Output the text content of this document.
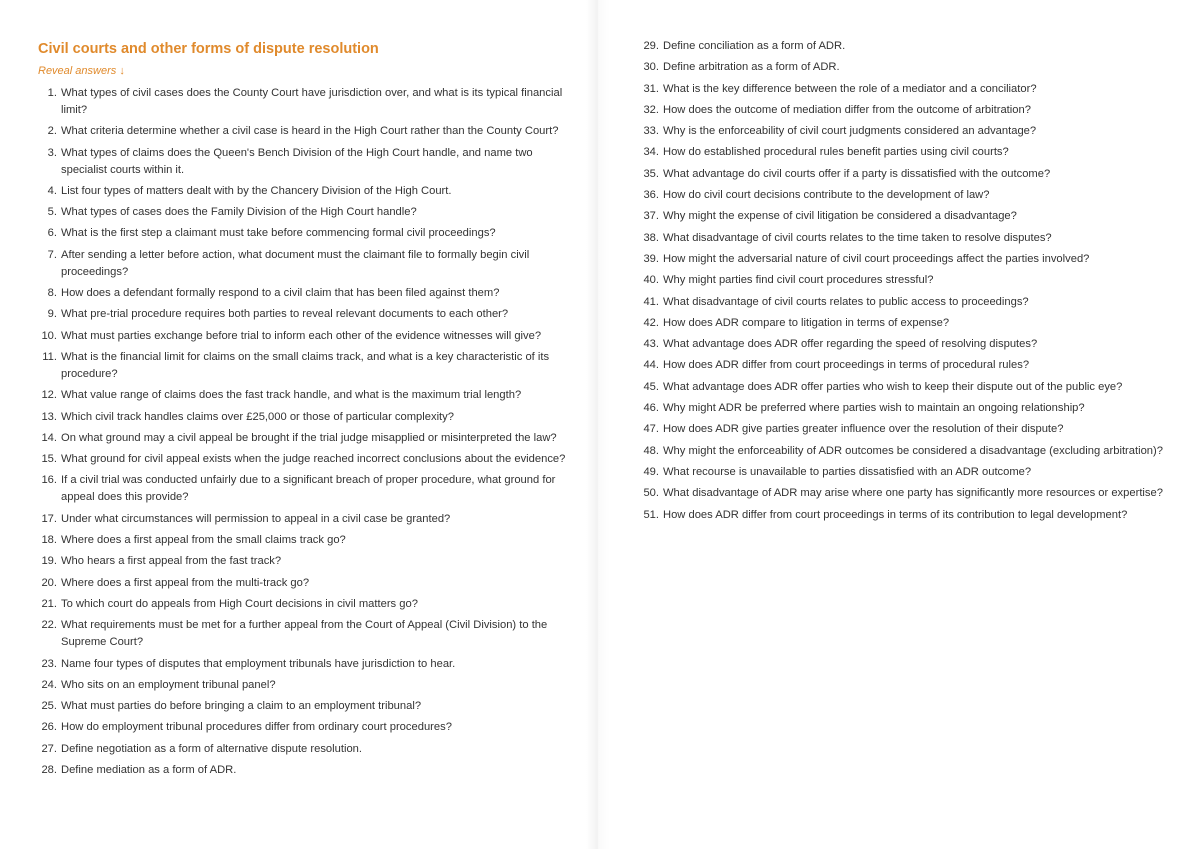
Civil courts and other forms of dispute resolution
Reveal answers ↓
1. What types of civil cases does the County Court have jurisdiction over, and what is its typical financial limit?
2. What criteria determine whether a civil case is heard in the High Court rather than the County Court?
3. What types of claims does the Queen's Bench Division of the High Court handle, and name two specialist courts within it.
4. List four types of matters dealt with by the Chancery Division of the High Court.
5. What types of cases does the Family Division of the High Court handle?
6. What is the first step a claimant must take before commencing formal civil proceedings?
7. After sending a letter before action, what document must the claimant file to formally begin civil proceedings?
8. How does a defendant formally respond to a civil claim that has been filed against them?
9. What pre-trial procedure requires both parties to reveal relevant documents to each other?
10. What must parties exchange before trial to inform each other of the evidence witnesses will give?
11. What is the financial limit for claims on the small claims track, and what is a key characteristic of its procedure?
12. What value range of claims does the fast track handle, and what is the maximum trial length?
13. Which civil track handles claims over £25,000 or those of particular complexity?
14. On what ground may a civil appeal be brought if the trial judge misapplied or misinterpreted the law?
15. What ground for civil appeal exists when the judge reached incorrect conclusions about the evidence?
16. If a civil trial was conducted unfairly due to a significant breach of proper procedure, what ground for appeal does this provide?
17. Under what circumstances will permission to appeal in a civil case be granted?
18. Where does a first appeal from the small claims track go?
19. Who hears a first appeal from the fast track?
20. Where does a first appeal from the multi-track go?
21. To which court do appeals from High Court decisions in civil matters go?
22. What requirements must be met for a further appeal from the Court of Appeal (Civil Division) to the Supreme Court?
23. Name four types of disputes that employment tribunals have jurisdiction to hear.
24. Who sits on an employment tribunal panel?
25. What must parties do before bringing a claim to an employment tribunal?
26. How do employment tribunal procedures differ from ordinary court procedures?
27. Define negotiation as a form of alternative dispute resolution.
28. Define mediation as a form of ADR.
29. Define conciliation as a form of ADR.
30. Define arbitration as a form of ADR.
31. What is the key difference between the role of a mediator and a conciliator?
32. How does the outcome of mediation differ from the outcome of arbitration?
33. Why is the enforceability of civil court judgments considered an advantage?
34. How do established procedural rules benefit parties using civil courts?
35. What advantage do civil courts offer if a party is dissatisfied with the outcome?
36. How do civil court decisions contribute to the development of law?
37. Why might the expense of civil litigation be considered a disadvantage?
38. What disadvantage of civil courts relates to the time taken to resolve disputes?
39. How might the adversarial nature of civil court proceedings affect the parties involved?
40. Why might parties find civil court procedures stressful?
41. What disadvantage of civil courts relates to public access to proceedings?
42. How does ADR compare to litigation in terms of expense?
43. What advantage does ADR offer regarding the speed of resolving disputes?
44. How does ADR differ from court proceedings in terms of procedural rules?
45. What advantage does ADR offer parties who wish to keep their dispute out of the public eye?
46. Why might ADR be preferred where parties wish to maintain an ongoing relationship?
47. How does ADR give parties greater influence over the resolution of their dispute?
48. Why might the enforceability of ADR outcomes be considered a disadvantage (excluding arbitration)?
49. What recourse is unavailable to parties dissatisfied with an ADR outcome?
50. What disadvantage of ADR may arise where one party has significantly more resources or expertise?
51. How does ADR differ from court proceedings in terms of its contribution to legal development?
